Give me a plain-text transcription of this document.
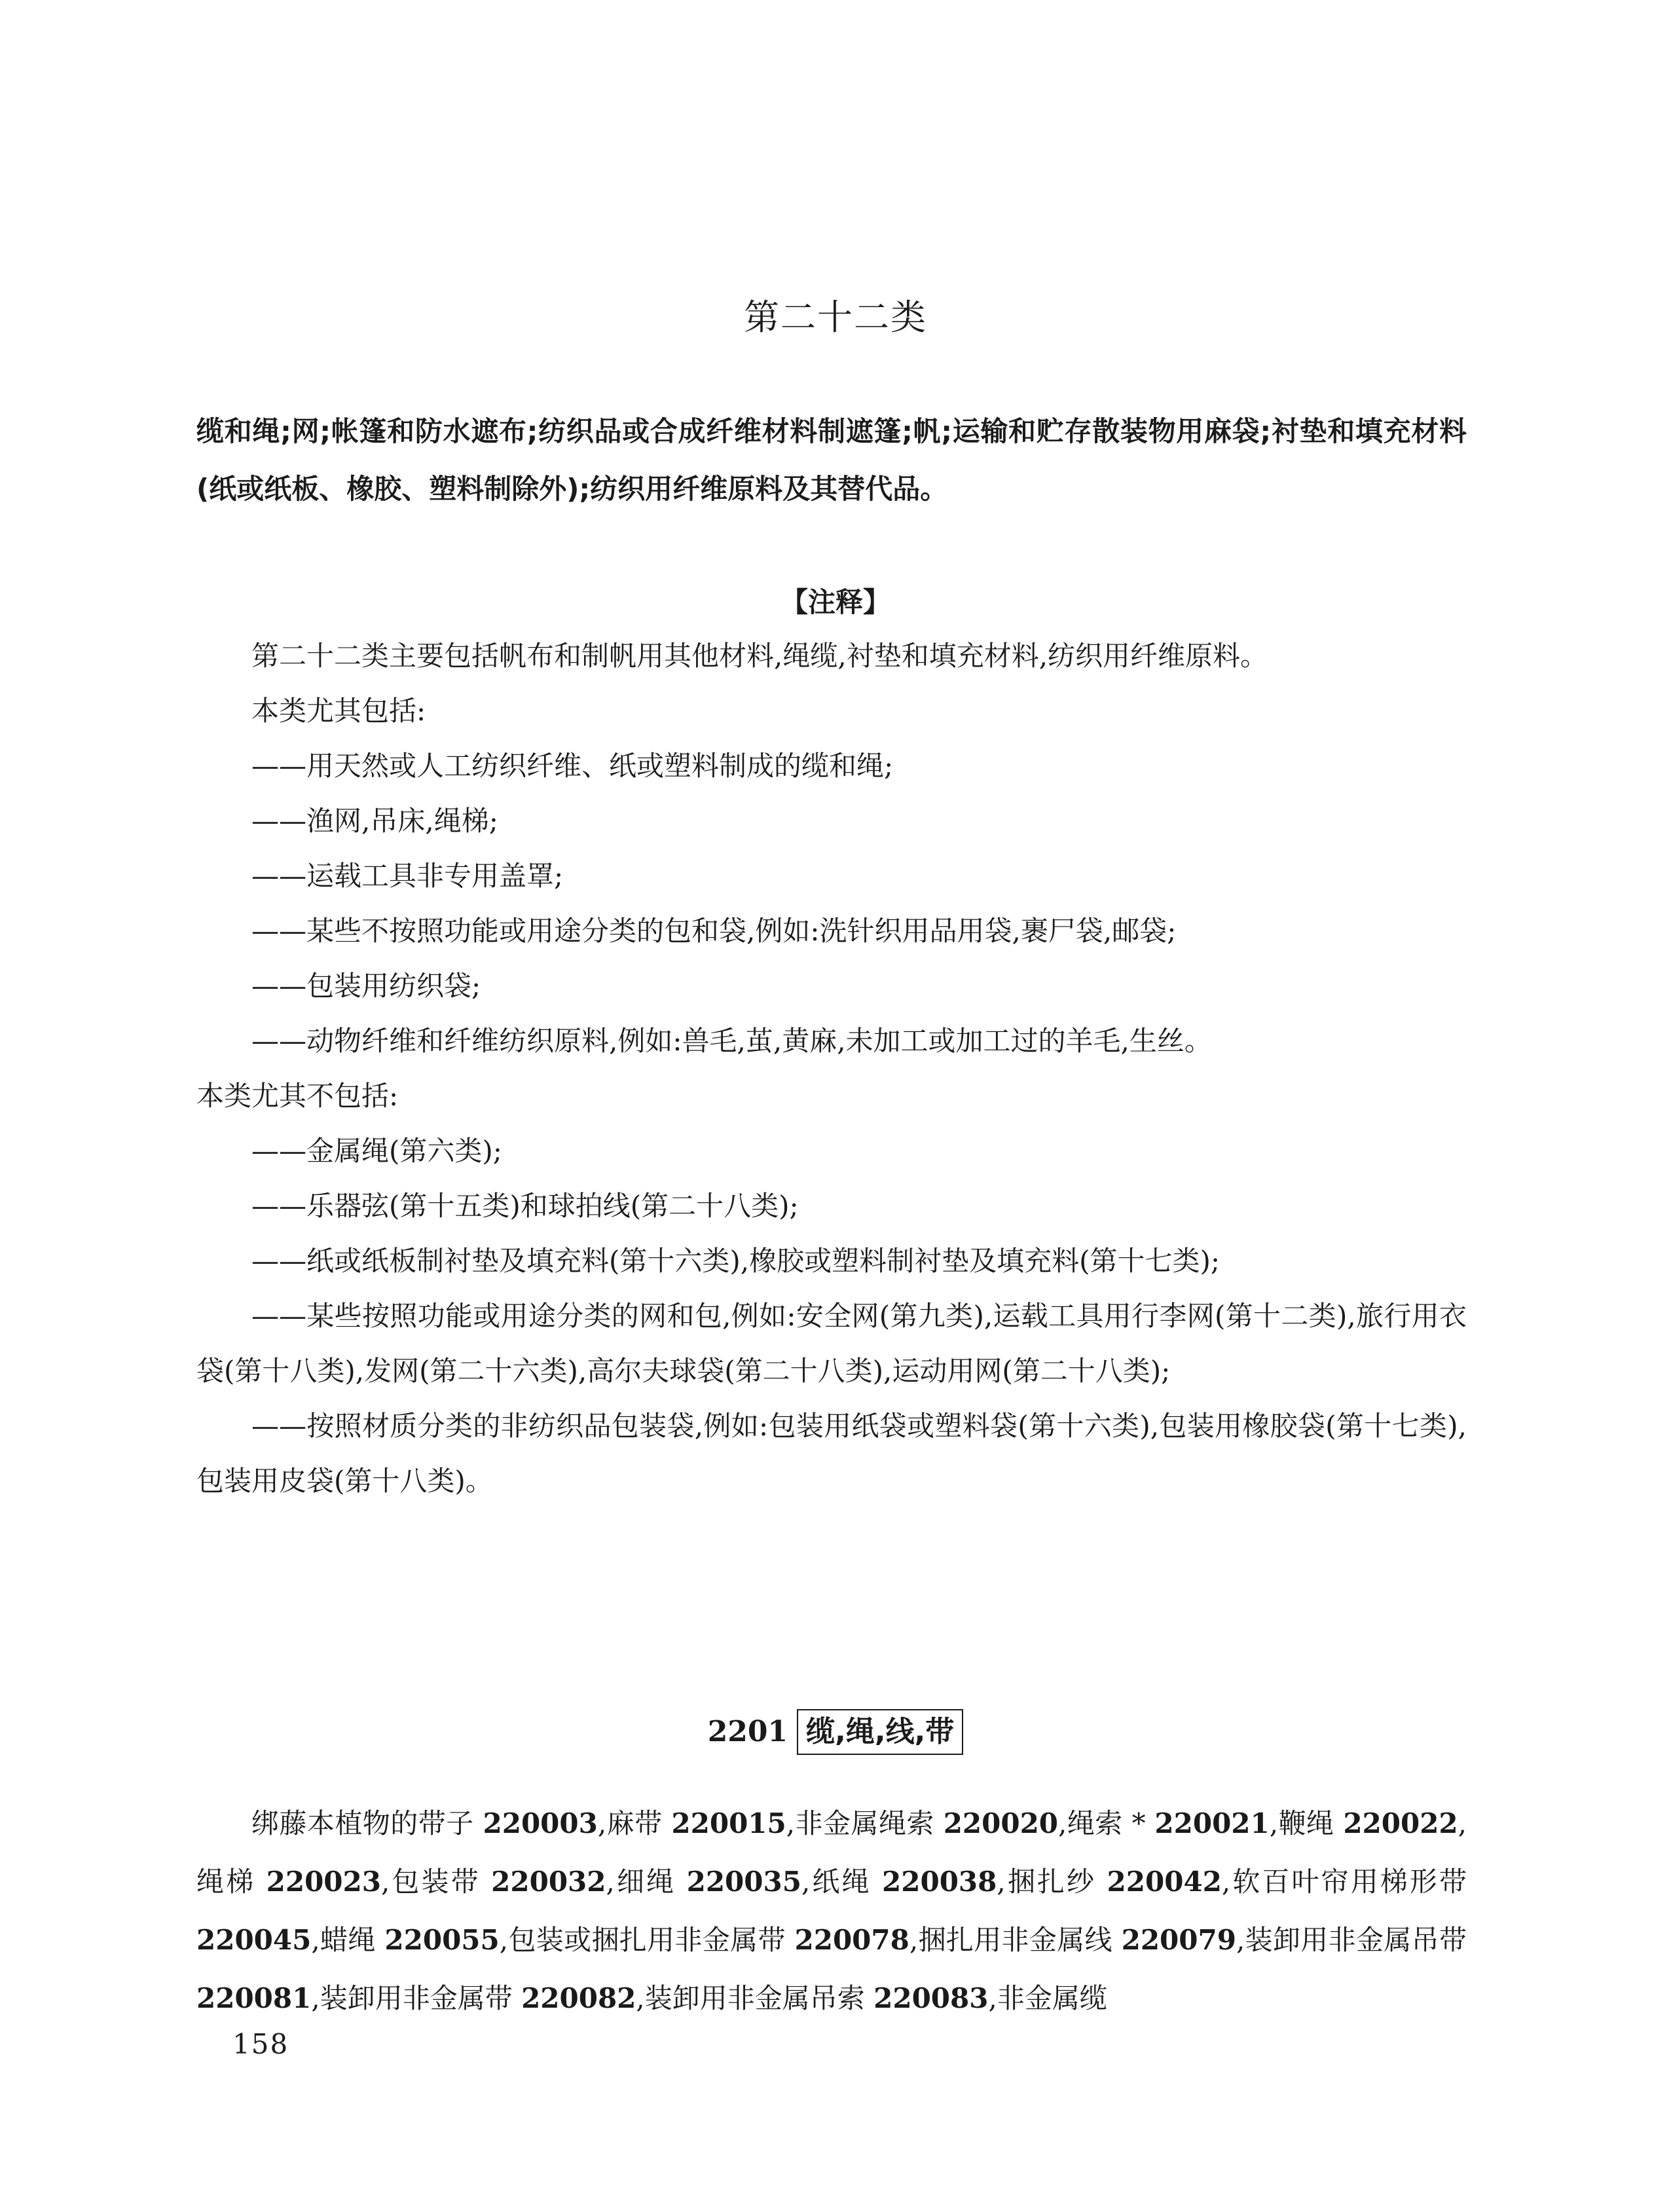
第二十二类
缆和绳;网;帐篷和防水遮布;纺织品或合成纤维材料制遮篷;帆;运输和贮存散装物用麻袋;衬垫和填充材料(纸或纸板、橡胶、塑料制除外);纺织用纤维原料及其替代品。
【注释】

第二十二类主要包括帆布和制帆用其他材料,绳缆,衬垫和填充材料,纺织用纤维原料。

本类尤其包括:

——用天然或人工纺织纤维、纸或塑料制成的缆和绳;

——渔网,吊床,绳梯;

——运载工具非专用盖罩;

——某些不按照功能或用途分类的包和袋,例如:洗针织用品用袋,裹尸袋,邮袋;

——包装用纺织袋;

——动物纤维和纤维纺织原料,例如:兽毛,茧,黄麻,未加工或加工过的羊毛,生丝。

本类尤其不包括:

——金属绳(第六类);

——乐器弦(第十五类)和球拍线(第二十八类);

——纸或纸板制衬垫及填充料(第十六类),橡胶或塑料制衬垫及填充料(第十七类);

——某些按照功能或用途分类的网和包,例如:安全网(第九类),运载工具用行李网(第十二类),旅行用衣袋(第十八类),发网(第二十六类),高尔夫球袋(第二十八类),运动用网(第二十八类);

——按照材质分类的非纺织品包装袋,例如:包装用纸袋或塑料袋(第十六类),包装用橡胶袋(第十七类),包装用皮袋(第十八类)。

2201 缆,绳,线,带

绑藤本植物的带子 220003,麻带 220015,非金属绳索 220020,绳索 * 220021,鞭绳 220022,绳梯 220023,包装带 220032,细绳 220035,纸绳 220038,捆扎纱 220042,软百叶帘用梯形带 220045,蜡绳 220055,包装或捆扎用非金属带 220078,捆扎用非金属线 220079,装卸用非金属吊带 220081,装卸用非金属带 220082,装卸用非金属吊索 220083,非金属缆

158
